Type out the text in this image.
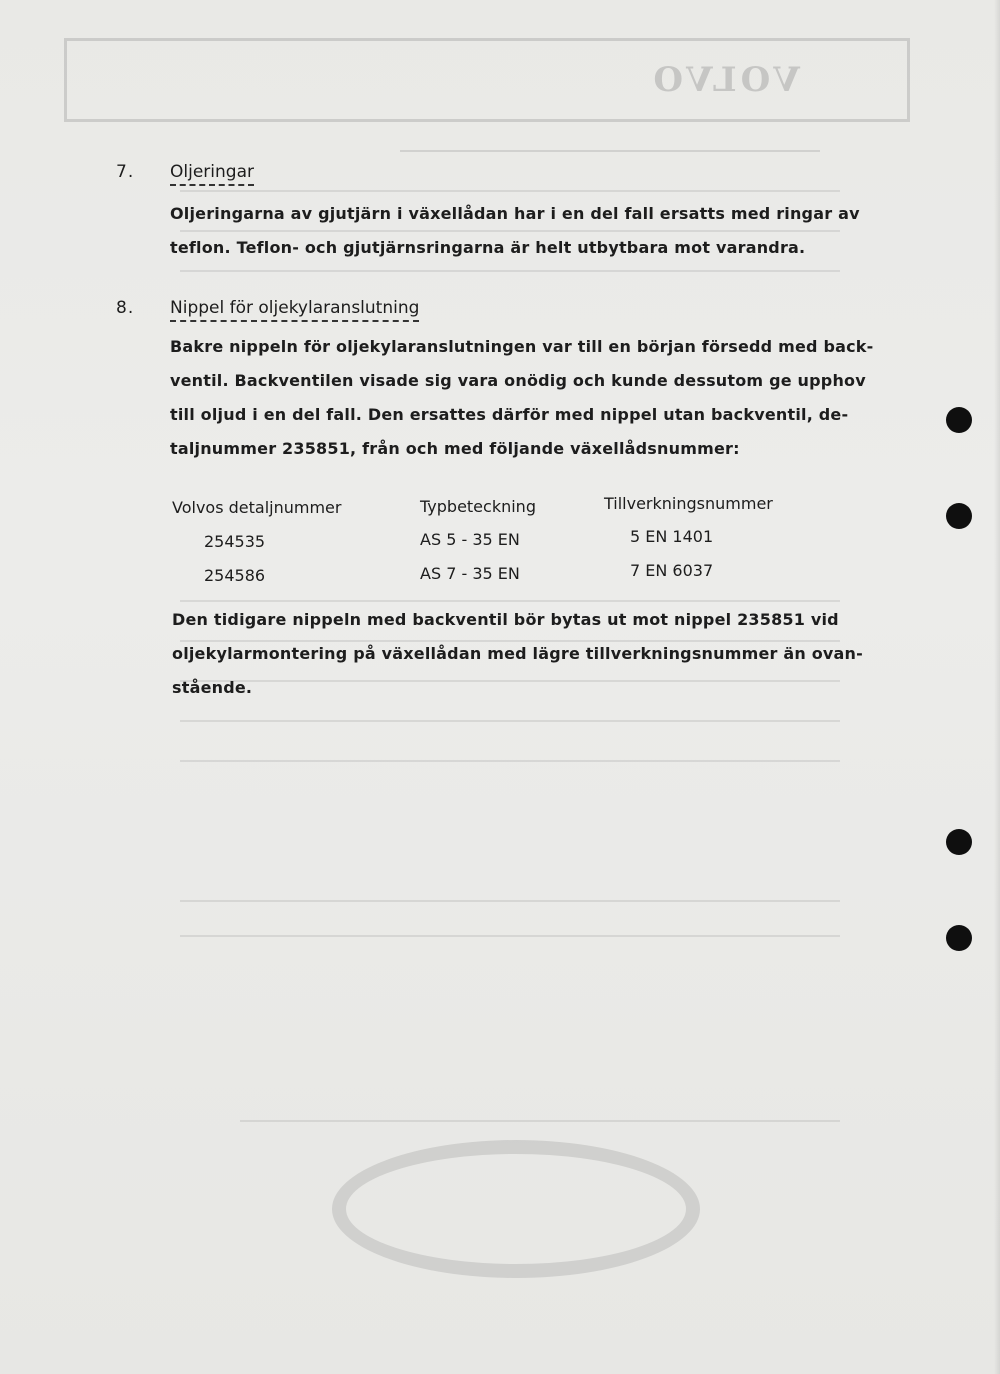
VOLVO
7. Oljeringar
Oljeringarna av gjutjärn i växellådan har i en del fall ersatts med ringar av
teflon. Teflon- och gjutjärnsringarna är helt utbytbara mot varandra.
8. Nippel för oljekylaranslutning
Bakre nippeln för oljekylaranslutningen var till en början försedd med back-
ventil. Backventilen visade sig vara onödig och kunde dessutom ge upphov
till oljud i en del fall. Den ersattes därför med nippel utan backventil, de-
taljnummer 235851, från och med följande växellådsnummer:
Volvos detaljnummer	Typbeteckning	Tillverkningsnummer
254535	AS 5 - 35 EN	5 EN 1401
254586	AS 7 - 35 EN	7 EN 6037
Den tidigare nippeln med backventil bör bytas ut mot nippel 235851 vid
oljekylarmontering på växellådan med lägre tillverkningsnummer än ovan-
stående.
